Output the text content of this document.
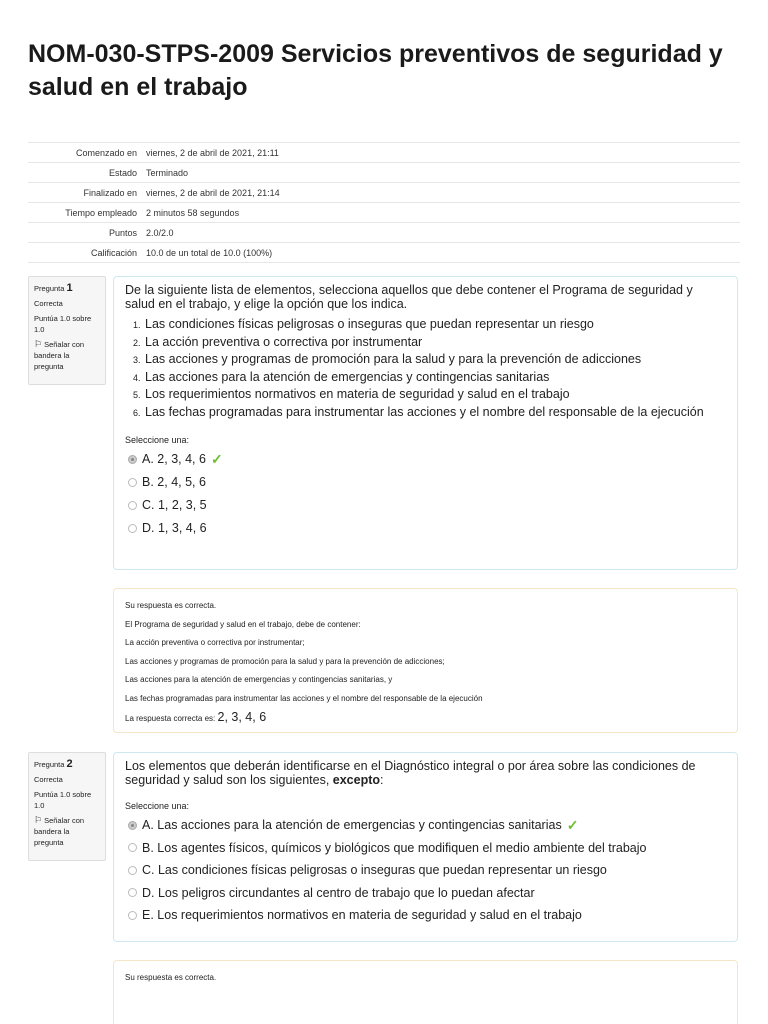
NOM-030-STPS-2009 Servicios preventivos de seguridad y salud en el trabajo
Comenzado en	viernes, 2 de abril de 2021, 21:11
Estado	Terminado
Finalizado en	viernes, 2 de abril de 2021, 21:14
Tiempo empleado	2 minutos 58 segundos
Puntos	2.0/2.0
Calificación	10.0 de un total de 10.0 (100%)
Pregunta 1
Correcta
Puntúa 1.0 sobre 1.0
⚐ Señalar con bandera la pregunta
De la siguiente lista de elementos, selecciona aquellos que debe contener el Programa de seguridad y salud en el trabajo, y elige la opción que los indica.
1. Las condiciones físicas peligrosas o inseguras que puedan representar un riesgo
2. La acción preventiva o correctiva por instrumentar
3. Las acciones y programas de promoción para la salud y para la prevención de adicciones
4. Las acciones para la atención de emergencias y contingencias sanitarias
5. Los requerimientos normativos en materia de seguridad y salud en el trabajo
6. Las fechas programadas para instrumentar las acciones y el nombre del responsable de la ejecución
Seleccione una:
A.
2, 3, 4, 6 ✓
B.
2, 4, 5, 6
C.
1, 2, 3, 5
D.
1, 3, 4, 6
Su respuesta es correcta.
El Programa de seguridad y salud en el trabajo, debe de contener:
La acción preventiva o correctiva por instrumentar;
Las acciones y programas de promoción para la salud y para la prevención de adicciones;
Las acciones para la atención de emergencias y contingencias sanitarias, y
Las fechas programadas para instrumentar las acciones y el nombre del responsable de la ejecución
La respuesta correcta es: 2, 3, 4, 6
Pregunta 2
Correcta
Puntúa 1.0 sobre 1.0
⚐ Señalar con bandera la pregunta
Los elementos que deberán identificarse en el Diagnóstico integral o por área sobre las condiciones de seguridad y salud son los siguientes, excepto:
Seleccione una:
A.
Las acciones para la atención de emergencias y contingencias sanitarias ✓
B.
Los agentes físicos, químicos y biológicos que modifiquen el medio ambiente del trabajo
C.
Las condiciones físicas peligrosas o inseguras que puedan representar un riesgo
D.
Los peligros circundantes al centro de trabajo que lo puedan afectar
E.
Los requerimientos normativos en materia de seguridad y salud en el trabajo
Su respuesta es correcta.
